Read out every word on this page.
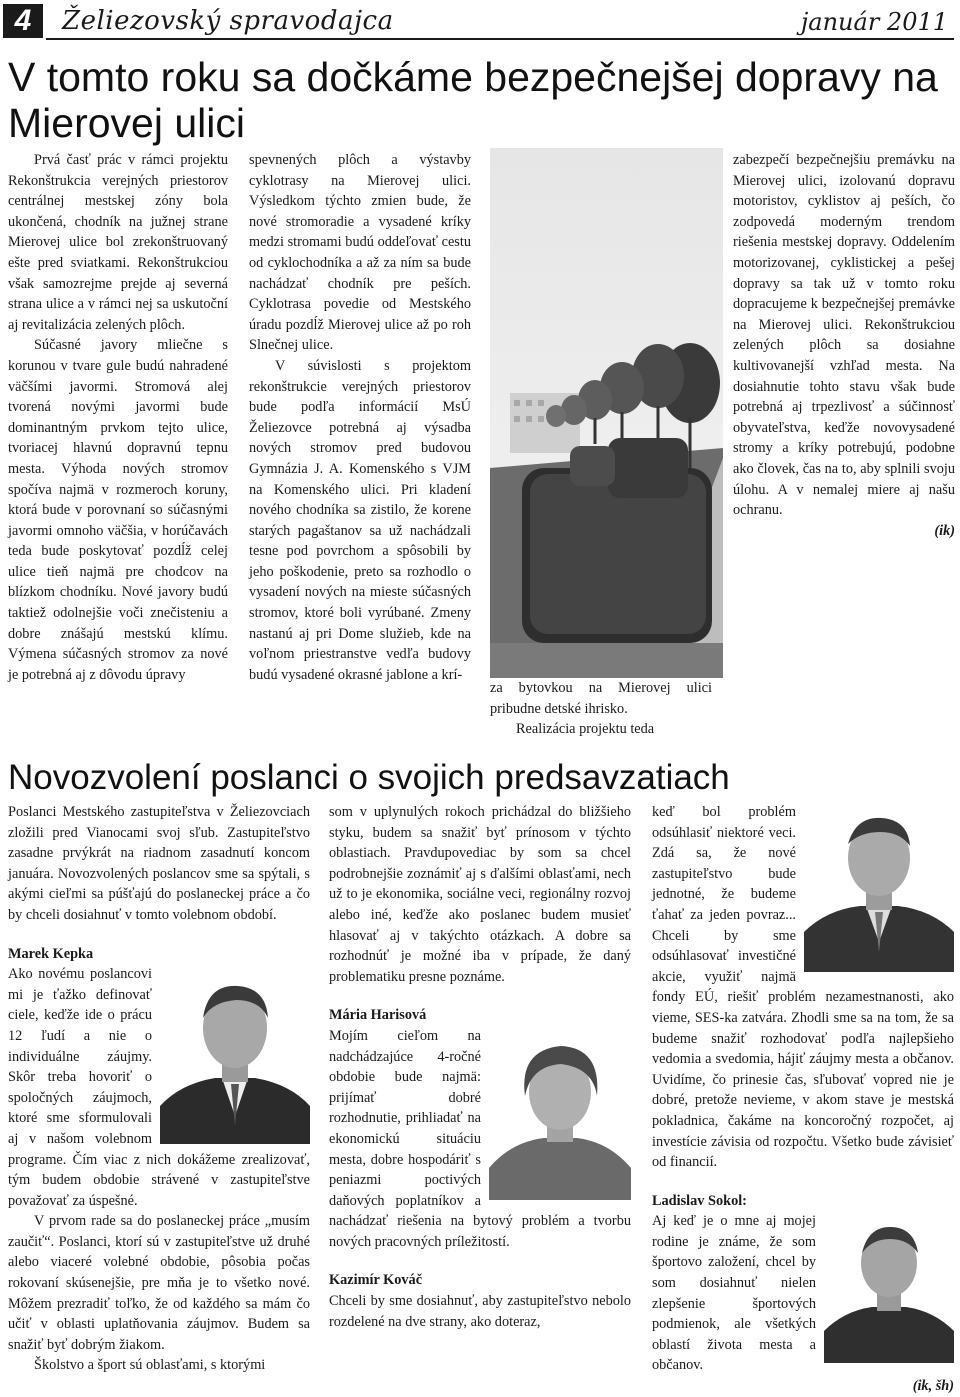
4	Želiezovský spravodajca	január 2011
V tomto roku sa dočkáme bezpečnejšej dopravy na Mierovej ulici

Prvá časť prác v rámci projektu Rekonštrukcia verejných priestorov centrálnej mestskej zóny bola ukončená, chodník na južnej strane Mierovej ulice bol zrekonštruovaný ešte pred sviatkami. Rekonštrukciou však samozrejme prejde aj severná strana ulice a v rámci nej sa uskutoční aj revitalizácia zelených plôch.

Súčasné javory mliečne s korunou v tvare gule budú nahradené väčšími javormi. Stromová alej tvorená novými javormi bude dominantným prvkom tejto ulice, tvoriacej hlavnú dopravnú tepnu mesta. Výhoda nových stromov spočíva najmä v rozmeroch koruny, ktorá bude v porovnaní so súčasnými javormi omnoho väčšia, v horúčavách teda bude poskytovať pozdĺž celej ulice tieň najmä pre chodcov na blízkom chodníku. Nové javory budú taktiež odolnejšie voči znečisteniu a dobre znášajú mestskú klímu. Výmena súčasných stromov za nové je potrebná aj z dôvodu úpravy

spevnených plôch a výstavby cyklotrasy na Mierovej ulici. Výsledkom týchto zmien bude, že nové stromoradie a vysadené kríky medzi stromami budú oddeľovať cestu od cyklochodníka a až za ním sa bude nachádzať chodník pre peších. Cyklotrasa povedie od Mestského úradu pozdĺž Mierovej ulice až po roh Slnečnej ulice.

V súvislosti s projektom rekonštrukcie verejných priestorov bude podľa informácií MsÚ Želiezovce potrebná aj výsadba nových stromov pred budovou Gymnázia J. A. Komenského s VJM na Komenského ulici. Pri kladení nového chodníka sa zistilo, že korene starých pagaštanov sa už nachádzali tesne pod povrchom a spôsobili by jeho poškodenie, preto sa rozhodlo o vysadení nových na mieste súčasných stromov, ktoré boli vyrúbané. Zmeny nastanú aj pri Dome služieb, kde na voľnom priestranstve vedľa budovy budú vysadené okrasné jablone a krí-

za bytovkou na Mierovej ulici pribudne detské ihrisko.

Realizácia projektu teda

zabezpečí bezpečnejšiu premávku na Mierovej ulici, izolovanú dopravu motoristov, cyklistov aj peších, čo zodpovedá moderným trendom riešenia mestskej dopravy. Oddelením motorizovanej, cyklistickej a pešej dopravy sa tak už v tomto roku dopracujeme k bezpečnejšej premávke na Mierovej ulici. Rekonštrukciou zelených plôch sa dosiahne kultivovanejší vzhľad mesta. Na dosiahnutie tohto stavu však bude potrebná aj trpezlivosť a súčinnosť obyvateľstva, keďže novovysadené stromy a kríky potrebujú, podobne ako človek, čas na to, aby splnili svoju úlohu. A v nemalej miere aj našu ochranu.

(ik)

Novozvolení poslanci o svojich predsavzatiach

Poslanci Mestského zastupiteľstva v Želiezovciach zložili pred Vianocami svoj sľub. Zastupiteľstvo zasadne prvýkrát na riadnom zasadnutí koncom januára. Novozvolených poslancov sme sa spýtali, s akými cieľmi sa púšťajú do poslaneckej práce a čo by chceli dosiahnuť v tomto volebnom období.

Marek Kepka

Ako novému poslancovi mi je ťažko definovať ciele, keďže ide o prácu 12 ľudí a nie o individuálne záujmy. Skôr treba hovoriť o spoločných záujmoch, ktoré sme sformulovali aj v našom volebnom programe. Čím viac z nich dokážeme zrealizovať, tým budem obdobie strávené v zastupiteľstve považovať za úspešné.

V prvom rade sa do poslaneckej práce „musím zaučiť“. Poslanci, ktorí sú v zastupiteľstve už druhé alebo viaceré volebné obdobie, pôsobia počas rokovaní skúsenejšie, pre mňa je to všetko nové. Môžem prezradiť toľko, že od každého sa mám čo učiť v oblasti uplatňovania záujmov. Budem sa snažiť byť dobrým žiakom.

Školstvo a šport sú oblasťami, s ktorými

som v uplynulých rokoch prichádzal do bližšieho styku, budem sa snažiť byť prínosom v týchto oblastiach. Pravdupovediac by som sa chcel podrobnejšie zoznámiť aj s ďalšími oblasťami, nech už to je ekonomika, sociálne veci, regionálny rozvoj alebo iné, keďže ako poslanec budem musieť hlasovať aj v takýchto otázkach. A dobre sa rozhodnúť je možné iba v prípade, že daný problematiku presne poznáme.

Mária Harisová

Mojím cieľom na nadchádzajúce 4-ročné obdobie bude najmä: prijímať dobré rozhodnutie, prihliadať na ekonomickú situáciu mesta, dobre hospodáriť s peniazmi poctivých daňových poplatníkov a nachádzať riešenia na bytový problém a tvorbu nových pracovných príležitostí.

Kazimír Kováč

Chceli by sme dosiahnuť, aby zastupiteľstvo nebolo rozdelené na dve strany, ako doteraz,

keď bol problém odsúhlasiť niektoré veci. Zdá sa, že nové zastupiteľstvo bude jednotné, že budeme ťahať za jeden povraz... Chceli by sme odsúhlasovať investičné akcie, využiť najmä fondy EÚ, riešiť problém nezamestnanosti, ako vieme, SES-ka zatvára. Zhodli sme sa na tom, že sa budeme snažiť rozhodovať podľa najlepšieho vedomia a svedomia, hájiť záujmy mesta a občanov. Uvidíme, čo prinesie čas, sľubovať vopred nie je dobré, pretože nevieme, v akom stave je mestská pokladnica, čakáme na koncoročný rozpočet, aj investície závisia od rozpočtu. Všetko bude závisieť od financií.

Ladislav Sokol:

Aj keď je o mne aj mojej rodine je známe, že som športovo založení, chcel by som dosiahnuť nielen zlepšenie športových podmienok, ale všetkých oblastí života mesta a občanov.

(ik, šh)
